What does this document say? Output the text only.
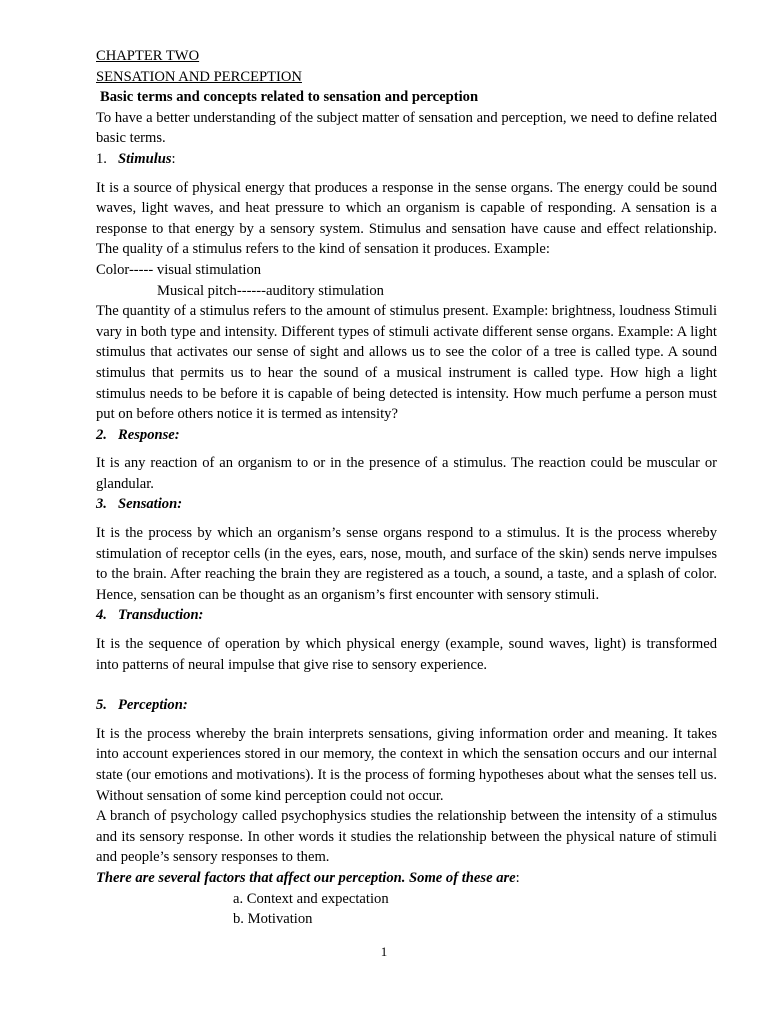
CHAPTER TWO

SENSATION AND PERCEPTION

Basic terms and concepts related to sensation and perception

To have a better understanding of the subject matter of sensation and perception, we need to define related basic terms.

1. Stimulus:

It is a source of physical energy that produces a response in the sense organs. The energy could be sound waves, light waves, and heat pressure to which an organism is capable of responding. A sensation is a response to that energy by a sensory system. Stimulus and sensation have cause and effect relationship. The quality of a stimulus refers to the kind of sensation it produces. Example:

Color----- visual stimulation

Musical pitch------auditory stimulation

The quantity of a stimulus refers to the amount of stimulus present. Example: brightness, loudness Stimuli vary in both type and intensity. Different types of stimuli activate different sense organs. Example: A light stimulus that activates our sense of sight and allows us to see the color of a tree is called type. A sound stimulus that permits us to hear the sound of a musical instrument is called type. How high a light stimulus needs to be before it is capable of being detected is intensity. How much perfume a person must put on before others notice it is termed as intensity?

2. Response:

It is any reaction of an organism to or in the presence of a stimulus. The reaction could be muscular or glandular.

3. Sensation:

It is the process by which an organism’s sense organs respond to a stimulus. It is the process whereby stimulation of receptor cells (in the eyes, ears, nose, mouth, and surface of the skin) sends nerve impulses to the brain. After reaching the brain they are registered as a touch, a sound, a taste, and a splash of color. Hence, sensation can be thought as an organism’s first encounter with sensory stimuli.

4. Transduction:

It is the sequence of operation by which physical energy (example, sound waves, light) is transformed into patterns of neural impulse that give rise to sensory experience.

5. Perception:

It is the process whereby the brain interprets sensations, giving information order and meaning. It takes into account experiences stored in our memory, the context in which the sensation occurs and our internal state (our emotions and motivations). It is the process of forming hypotheses about what the senses tell us. Without sensation of some kind perception could not occur.

A branch of psychology called psychophysics studies the relationship between the intensity of a stimulus and its sensory response. In other words it studies the relationship between the physical nature of stimuli and people’s sensory responses to them.

There are several factors that affect our perception. Some of these are:

a. Context and expectation

b. Motivation

1
